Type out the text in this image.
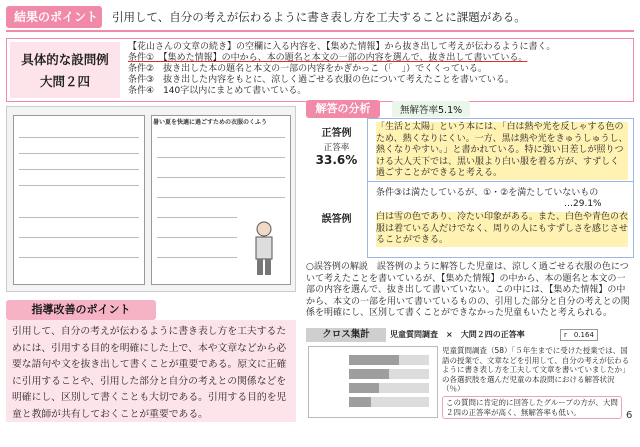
結果のポイント	引用して、自分の考えが伝わるように書き表し方を工夫することに課題がある。
具体的な設問例
大問２四
【花山さんの文章の続き】の空欄に入る内容を、【集めた情報】から抜き出して考えが伝わるように書く。
条件①　【集めた情報】の中から、本の題名と本文の一部の内容を選んで、抜き出して書いている。
条件②　抜き出した本の題名と本文の一部の内容をかぎかっこ（「　」）でくくっている。
条件③　抜き出した内容をもとに、涼しく過ごせる衣服の色について考えたことを書いている。
条件④　140字以内にまとめて書いている。
暑い夏を快適に過ごすための衣服のくふう
解答の分析	無解答率5.1%
正答例
正答率
33.6%
「生活と太陽」という本には、「白は熱や光を反しゃする色のため、熱くなりにくい。一方、黒は熱や光をきゅうしゅうし、熱くなりやすい。」と書かれている。特に強い日差しが照りつける大人天下では、黒い服より白い服を着る方が、すずしく過ごすことができると考える。
誤答例
条件③は満たしているが、①・②を満たしていないもの
…29.1%
白は雪の色であり、冷たい印象がある。また、白色や青色の衣服は着ている人だけでなく、周りの人にもすずしさを感じさせることができる。
○誤答例の解説　誤答例のように解答した児童は、涼しく過ごせる衣服の色について考えたことを書いているが、【集めた情報】の中から、本の題名と本文の一部の内容を選んで、抜き出して書いていない。この中には、【集めた情報】の中から、本文の一部を用いて書いているものの、引用した部分と自分の考えとの関係を明確にし、区別して書くことができなかった児童もいたと考えられる。
指導改善のポイント
引用して、自分の考えが伝わるように書き表し方を工夫するためには、引用する目的を明確にした上で、本や文章などから必要な語句や文を抜き出して書くことが重要である。原文に正確に引用することや、引用した部分と自分の考えとの関係などを明確にし、区別して書くことも大切である。引用する目的を児童と教師が共有しておくことが重要である。
クロス集計	児童質問調査　×　大問２四の正答率	r　0.164
児童質問調査（58）「５年生までに受けた授業では、国語の授業で、文章などを引用して、自分の考えが伝わるように書き表し方を工夫して文章を書いていましたか」の各選択肢を選んだ児童の本設問における解答状況（％）
この質問に肯定的に回答したグループの方が、大問２四の正答率が高く、無解答率も低い。	6
